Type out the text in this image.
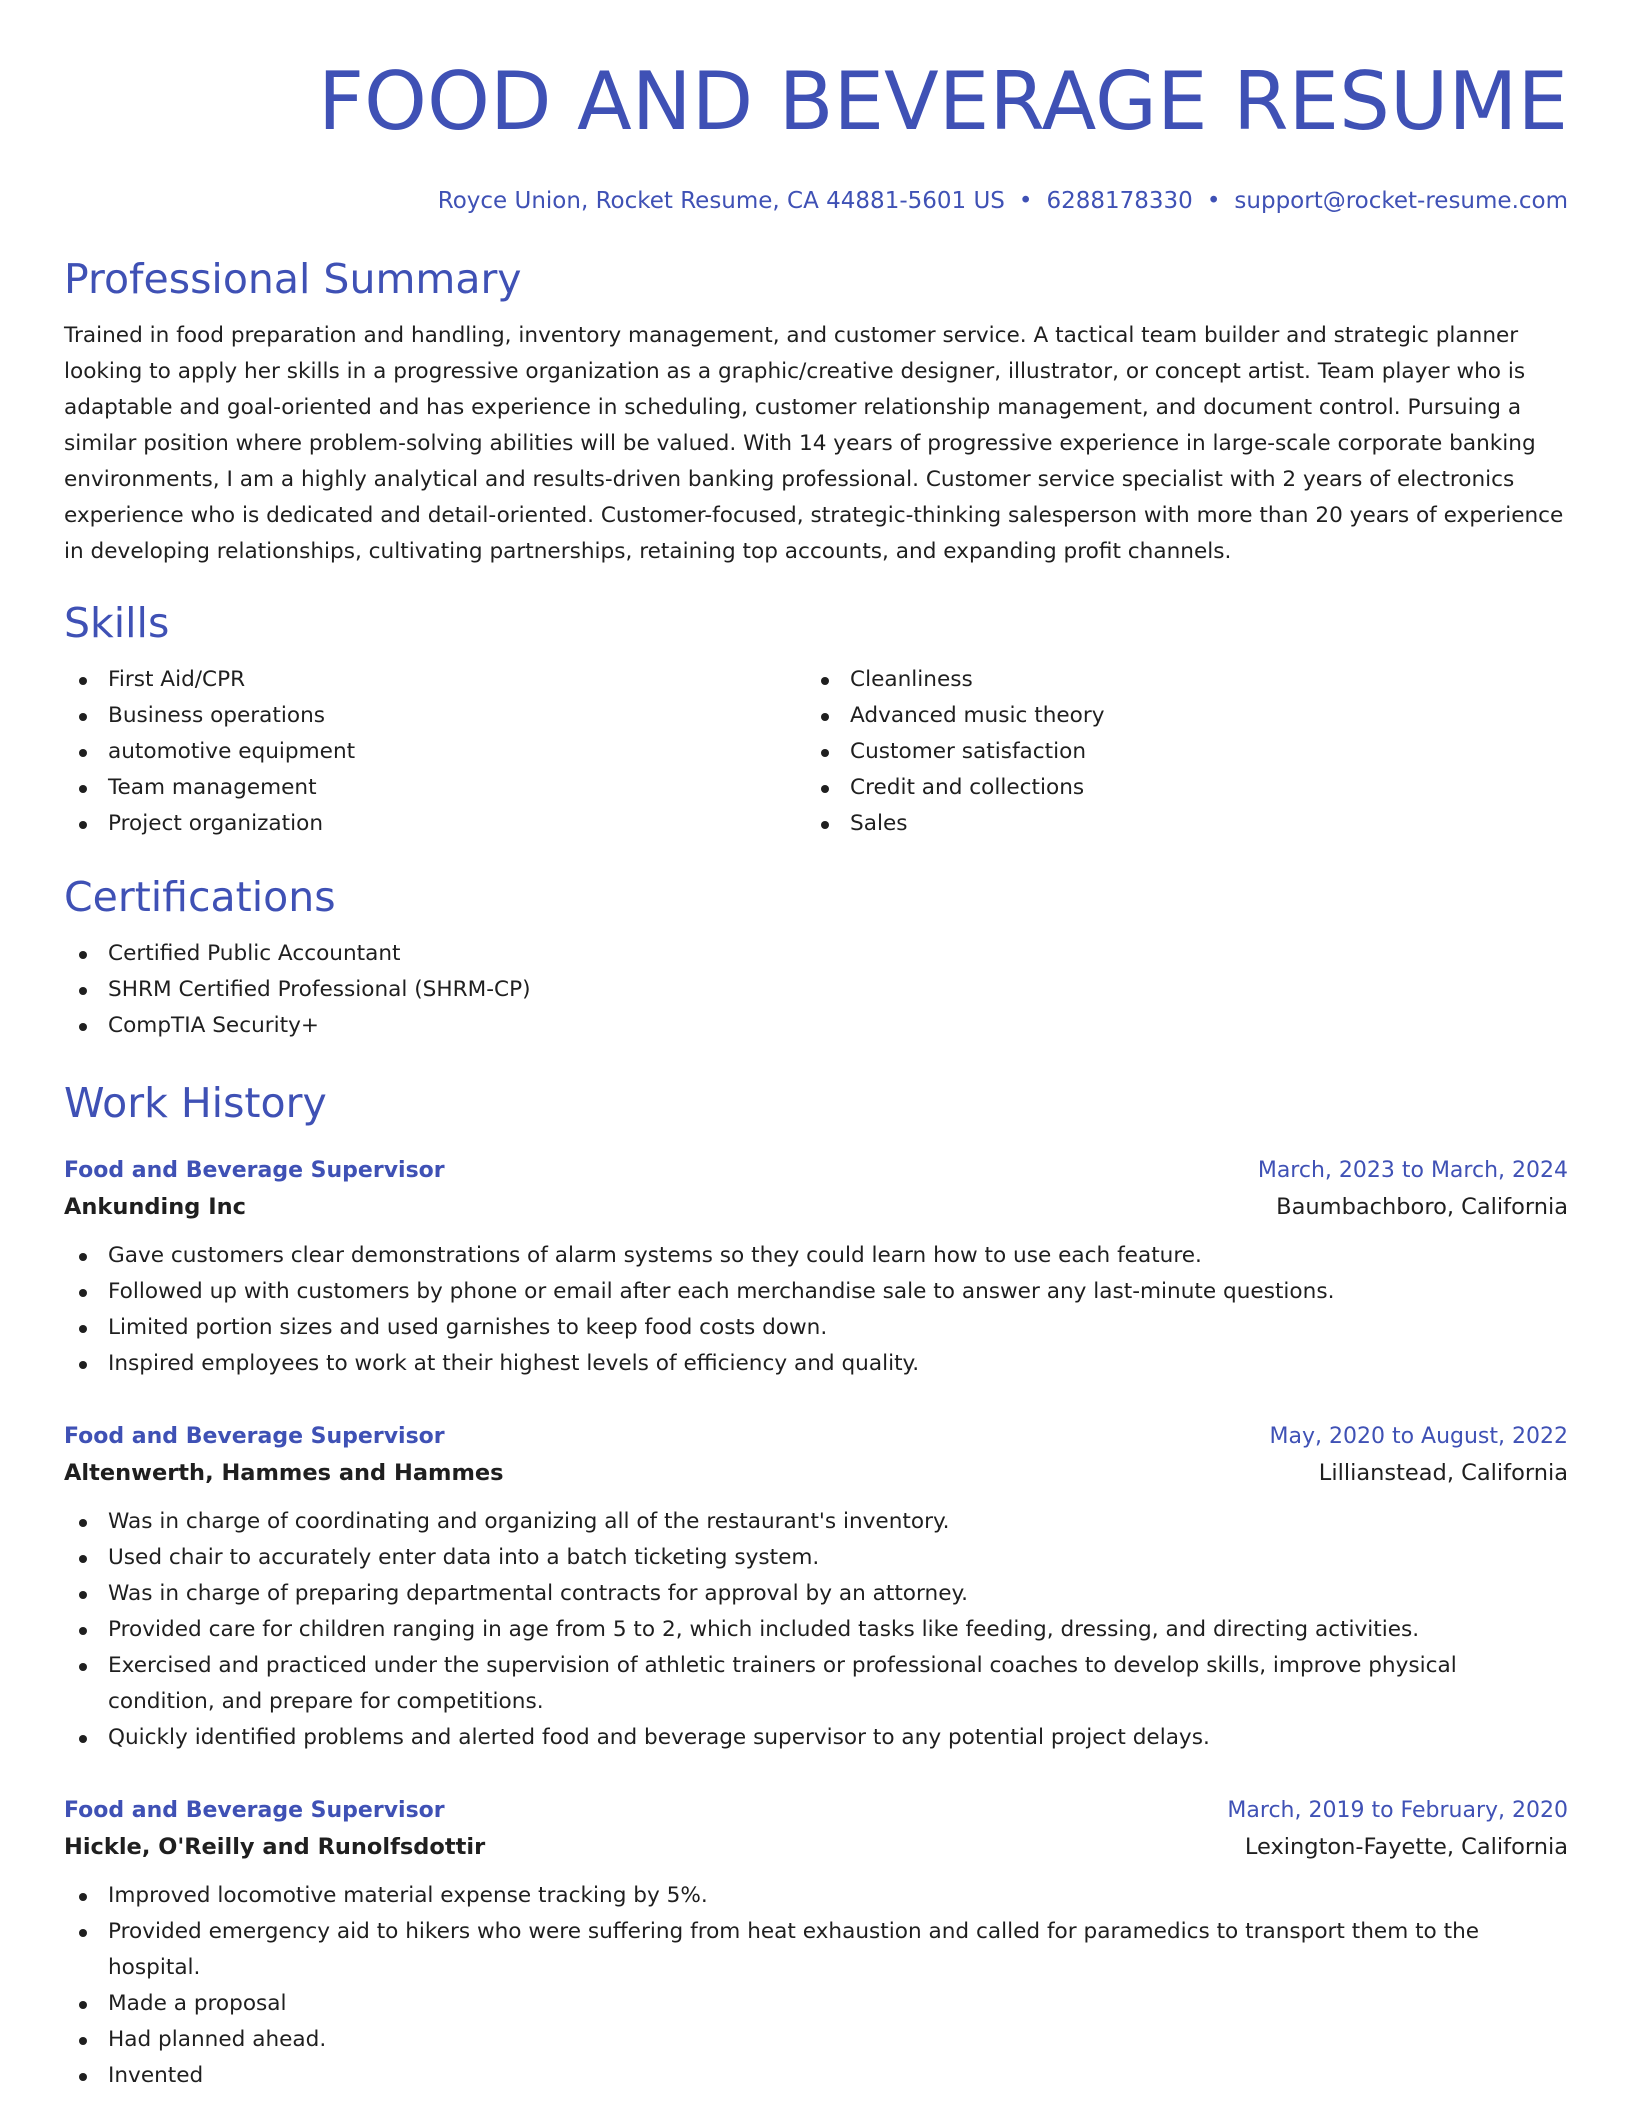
FOOD AND BEVERAGE RESUME
Royce Union, Rocket Resume, CA 44881-5601 US • 6288178330 • support@rocket-resume.com
Professional Summary

Trained in food preparation and handling, inventory management, and customer service. A tactical team builder and strategic planner looking to apply her skills in a progressive organization as a graphic/creative designer, illustrator, or concept artist. Team player who is adaptable and goal-oriented and has experience in scheduling, customer relationship management, and document control. Pursuing a similar position where problem-solving abilities will be valued. With 14 years of progressive experience in large-scale corporate banking environments, I am a highly analytical and results-driven banking professional. Customer service specialist with 2 years of electronics experience who is dedicated and detail-oriented. Customer-focused, strategic-thinking salesperson with more than 20 years of experience in developing relationships, cultivating partnerships, retaining top accounts, and expanding profit channels.

Skills
First Aid/CPR
Business operations
automotive equipment
Team management
Project organization
Cleanliness
Advanced music theory
Customer satisfaction
Credit and collections
Sales
Certifications
Certified Public Accountant
SHRM Certified Professional (SHRM-CP)
CompTIA Security+
Work History
Food and Beverage Supervisor	March, 2023 to March, 2024
Ankunding Inc	Baumbachboro, California
Gave customers clear demonstrations of alarm systems so they could learn how to use each feature.
Followed up with customers by phone or email after each merchandise sale to answer any last-minute questions.
Limited portion sizes and used garnishes to keep food costs down.
Inspired employees to work at their highest levels of efficiency and quality.
Food and Beverage Supervisor	May, 2020 to August, 2022
Altenwerth, Hammes and Hammes	Lillianstead, California
Was in charge of coordinating and organizing all of the restaurant's inventory.
Used chair to accurately enter data into a batch ticketing system.
Was in charge of preparing departmental contracts for approval by an attorney.
Provided care for children ranging in age from 5 to 2, which included tasks like feeding, dressing, and directing activities.
Exercised and practiced under the supervision of athletic trainers or professional coaches to develop skills, improve physical condition, and prepare for competitions.
Quickly identified problems and alerted food and beverage supervisor to any potential project delays.
Food and Beverage Supervisor	March, 2019 to February, 2020
Hickle, O'Reilly and Runolfsdottir	Lexington-Fayette, California
Improved locomotive material expense tracking by 5%.
Provided emergency aid to hikers who were suffering from heat exhaustion and called for paramedics to transport them to the hospital.
Made a proposal
Had planned ahead.
Invented
